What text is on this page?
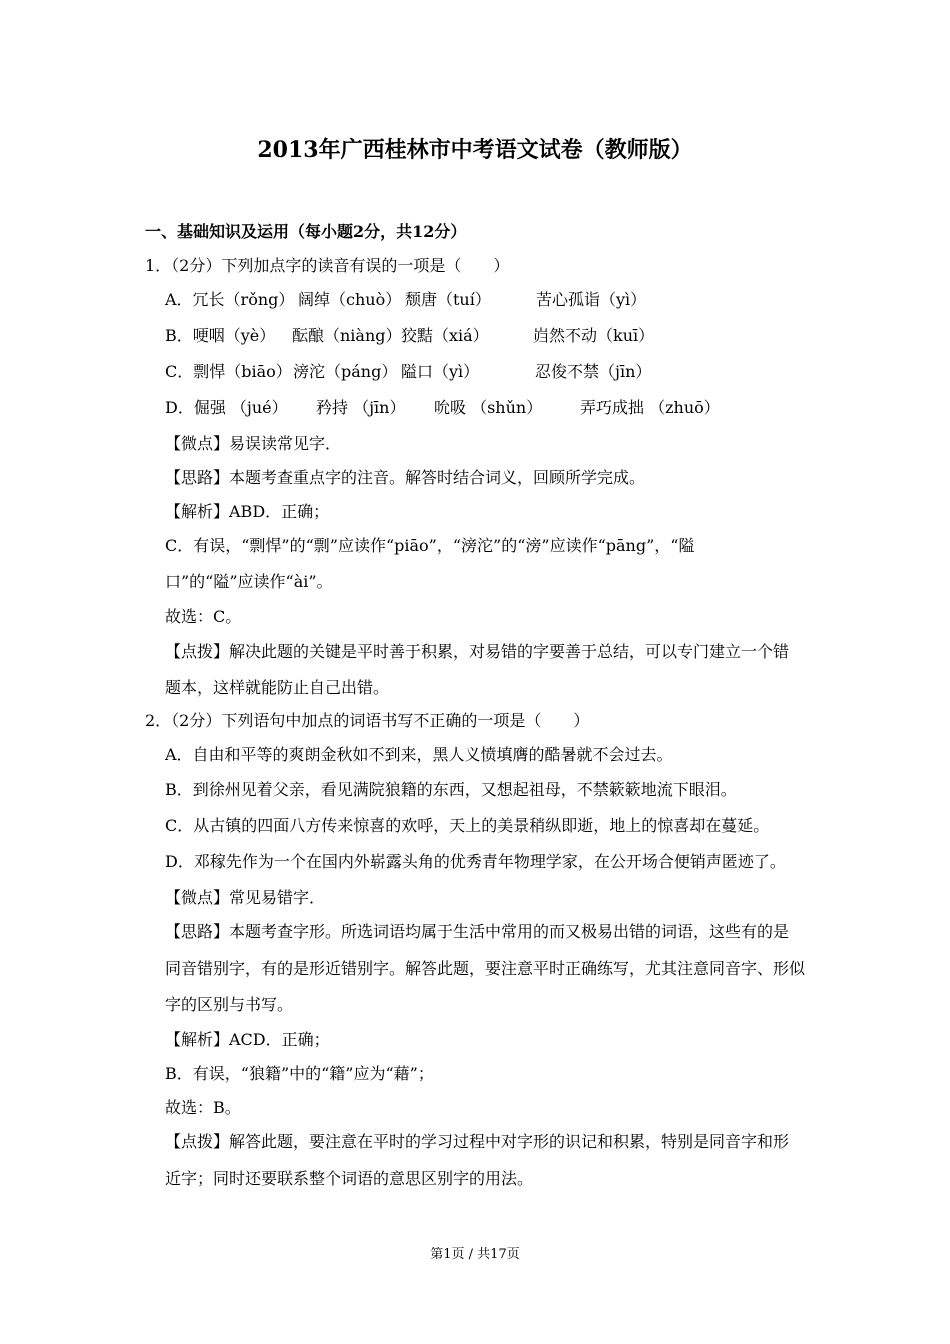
2013年广西桂林市中考语文试卷（教师版）
一、基础知识及运用（每小题2分，共12分）
1．（2分）下列加点字的读音有误的一项是（　　）
A．冗长（rǒng） 阔绰（chuò） 颓唐（tuí）	苦心孤诣（yì）
B．哽咽（yè） 酝酿（niàng） 狡黠（xiá）	岿然不动（kuī）
C．剽悍（biāo） 滂沱（páng） 隘口（yì）	忍俊不禁（jīn）
D．倔强 （jué） 矜持 （jīn） 吮吸 （shǔn） 弄巧成拙 （zhuō）
【微点】易误读常见字．
【思路】本题考查重点字的注音。解答时结合词义，回顾所学完成。
【解析】ABD．正确；
C．有误，“剽悍”的“剽”应读作“piāo”，“滂沱”的“滂”应读作“pāng”，“隘
口”的“隘”应读作“ài”。
故选：C。
【点拨】解决此题的关键是平时善于积累，对易错的字要善于总结，可以专门建立一个错
题本，这样就能防止自己出错。
2．（2分）下列语句中加点的词语书写不正确的一项是（　　）
A．自由和平等的爽朗金秋如不到来，黑人义愤填膺的酷暑就不会过去。
B．到徐州见着父亲，看见满院狼籍的东西，又想起祖母，不禁簌簌地流下眼泪。
C．从古镇的四面八方传来惊喜的欢呼，天上的美景稍纵即逝，地上的惊喜却在蔓延。
D．邓稼先作为一个在国内外崭露头角的优秀青年物理学家，在公开场合便销声匿迹了。
【微点】常见易错字．
【思路】本题考查字形。所选词语均属于生活中常用的而又极易出错的词语，这些有的是
同音错别字，有的是形近错别字。解答此题，要注意平时正确练写，尤其注意同音字、形似
字的区别与书写。
【解析】ACD．正确；
B．有误，“狼籍”中的“籍”应为“藉”；
故选：B。
【点拨】解答此题，要注意在平时的学习过程中对字形的识记和积累，特别是同音字和形
近字；同时还要联系整个词语的意思区别字的用法。
第1页 / 共17页
